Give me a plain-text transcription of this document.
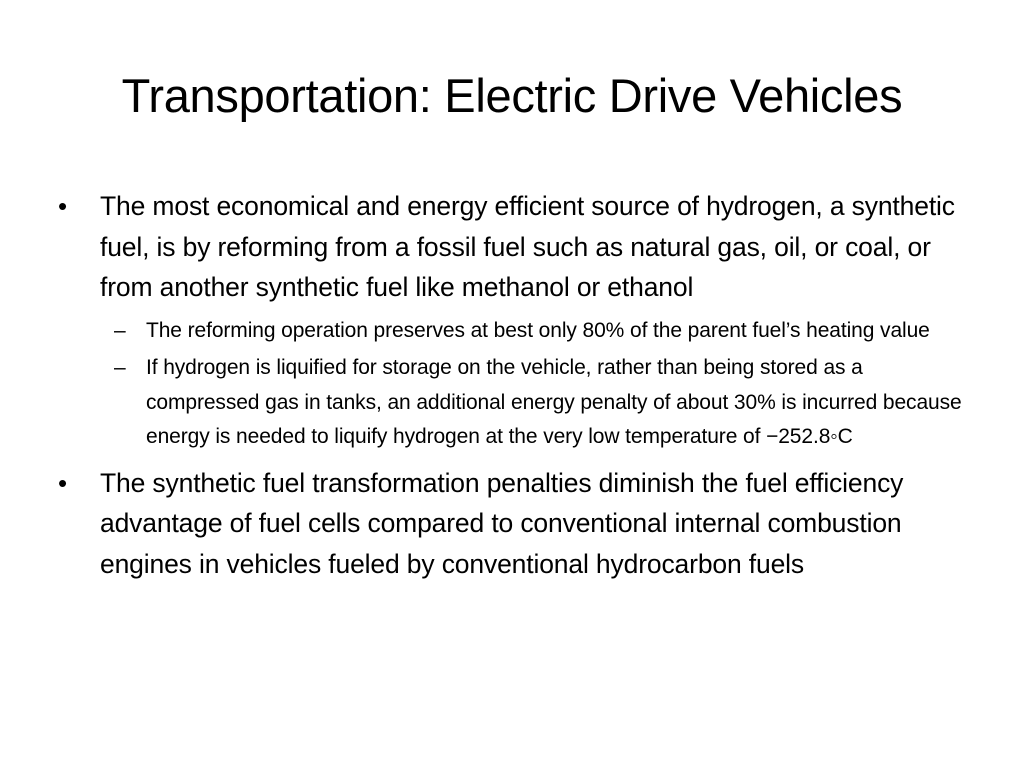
Transportation: Electric Drive Vehicles
•	The most economical and energy efficient source of hydrogen, a synthetic fuel, is by reforming from a fossil fuel such as natural gas, oil, or coal, or from another synthetic fuel like methanol or ethanol
– The reforming operation preserves at best only 80% of the parent fuel’s heating value
– If hydrogen is liquified for storage on the vehicle, rather than being stored as a compressed gas in tanks, an additional energy penalty of about 30% is incurred because energy is needed to liquify hydrogen at the very low temperature of −252.8◦C
•	The synthetic fuel transformation penalties diminish the fuel efficiency advantage of fuel cells compared to conventional internal combustion engines in vehicles fueled by conventional hydrocarbon fuels
